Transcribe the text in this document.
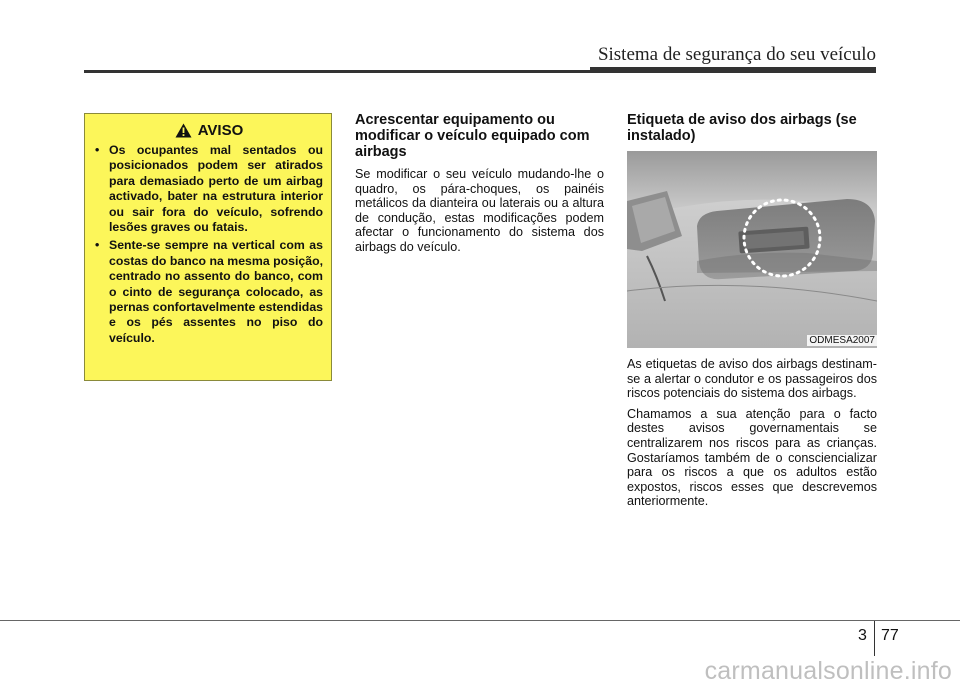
Sistema de segurança do seu veículo
AVISO
• Os ocupantes mal sentados ou posicionados podem ser atirados para demasiado perto de um airbag activado, bater na estrutura interior ou sair fora do veículo, sofrendo lesões graves ou fatais.
• Sente-se sempre na vertical com as costas do banco na mesma posição, centrado no assento do banco, com o cinto de segurança colocado, as pernas confortavelmente estendidas e os pés assentes no piso do veículo.
Acrescentar equipamento ou modificar o veículo equipado com airbags

Se modificar o seu veículo mudando-lhe o quadro, os pára-choques, os painéis metálicos da dianteira ou laterais ou a altura de condução, estas modificações podem afectar o funcionamento do sistema dos airbags do veículo.

Etiqueta de aviso dos airbags (se instalado)
ODMESA2007

As etiquetas de aviso dos airbags destinam-se a alertar o condutor e os passageiros dos riscos potenciais do sistema dos airbags.

Chamamos a sua atenção para o facto destes avisos governamentais se centralizarem nos riscos para as crianças. Gostaríamos também de o consciencializar para os riscos a que os adultos estão expostos, riscos esses que descrevemos anteriormente.

3 77
carmanualsonline.info
